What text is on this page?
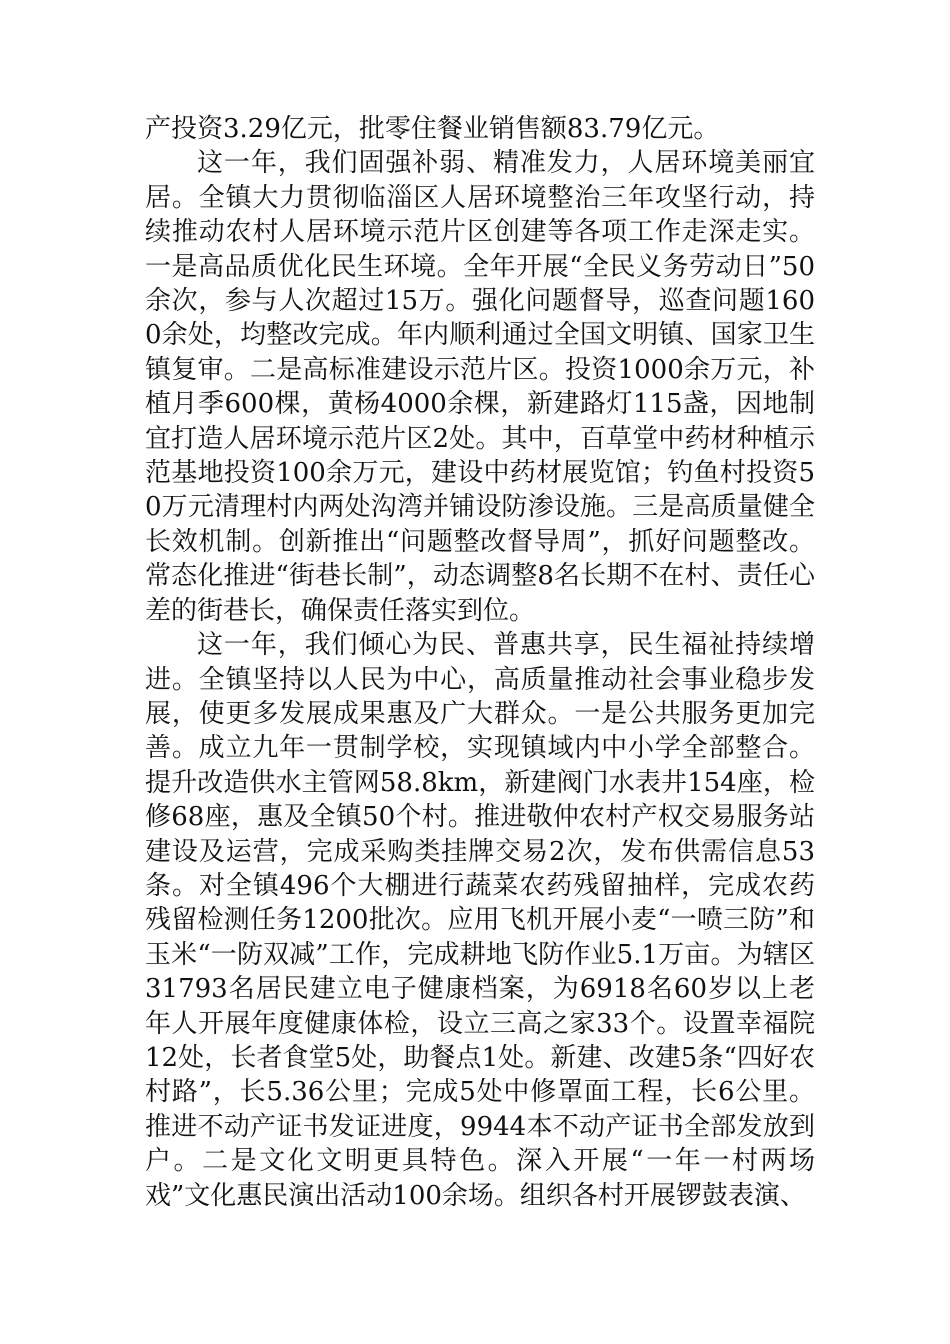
产投资3.29亿元，批零住餐业销售额83.79亿元。

这一年，我们固强补弱、精准发力，人居环境美丽宜居。全镇大力贯彻临淄区人居环境整治三年攻坚行动，持续推动农村人居环境示范片区创建等各项工作走深走实。一是高品质优化民生环境。全年开展“全民义务劳动日”50余次，参与人次超过15万。强化问题督导，巡查问题1600余处，均整改完成。年内顺利通过全国文明镇、国家卫生镇复审。二是高标准建设示范片区。投资1000余万元，补植月季600棵，黄杨4000余棵，新建路灯115盏，因地制宜打造人居环境示范片区2处。其中，百草堂中药材种植示范基地投资100余万元，建设中药材展览馆；钓鱼村投资50万元清理村内两处沟湾并铺设防渗设施。三是高质量健全长效机制。创新推出“问题整改督导周”，抓好问题整改。常态化推进“街巷长制”，动态调整8名长期不在村、责任心差的街巷长，确保责任落实到位。

这一年，我们倾心为民、普惠共享，民生福祉持续增进。全镇坚持以人民为中心，高质量推动社会事业稳步发展，使更多发展成果惠及广大群众。一是公共服务更加完善。成立九年一贯制学校，实现镇域内中小学全部整合。提升改造供水主管网58.8km，新建阀门水表井154座，检修68座，惠及全镇50个村。推进敬仲农村产权交易服务站建设及运营，完成采购类挂牌交易2次，发布供需信息53条。对全镇496个大棚进行蔬菜农药残留抽样，完成农药残留检测任务1200批次。应用飞机开展小麦“一喷三防”和玉米“一防双减”工作，完成耕地飞防作业5.1万亩。为辖区31793名居民建立电子健康档案，为6918名60岁以上老年人开展年度健康体检，设立三高之家33个。设置幸福院12处，长者食堂5处，助餐点1处。新建、改建5条“四好农村路”，长5.36公里；完成5处中修罩面工程，长6公里。推进不动产证书发证进度，9944本不动产证书全部发放到户。二是文化文明更具特色。深入开展“一年一村两场戏”文化惠民演出活动100余场。组织各村开展锣鼓表演、
